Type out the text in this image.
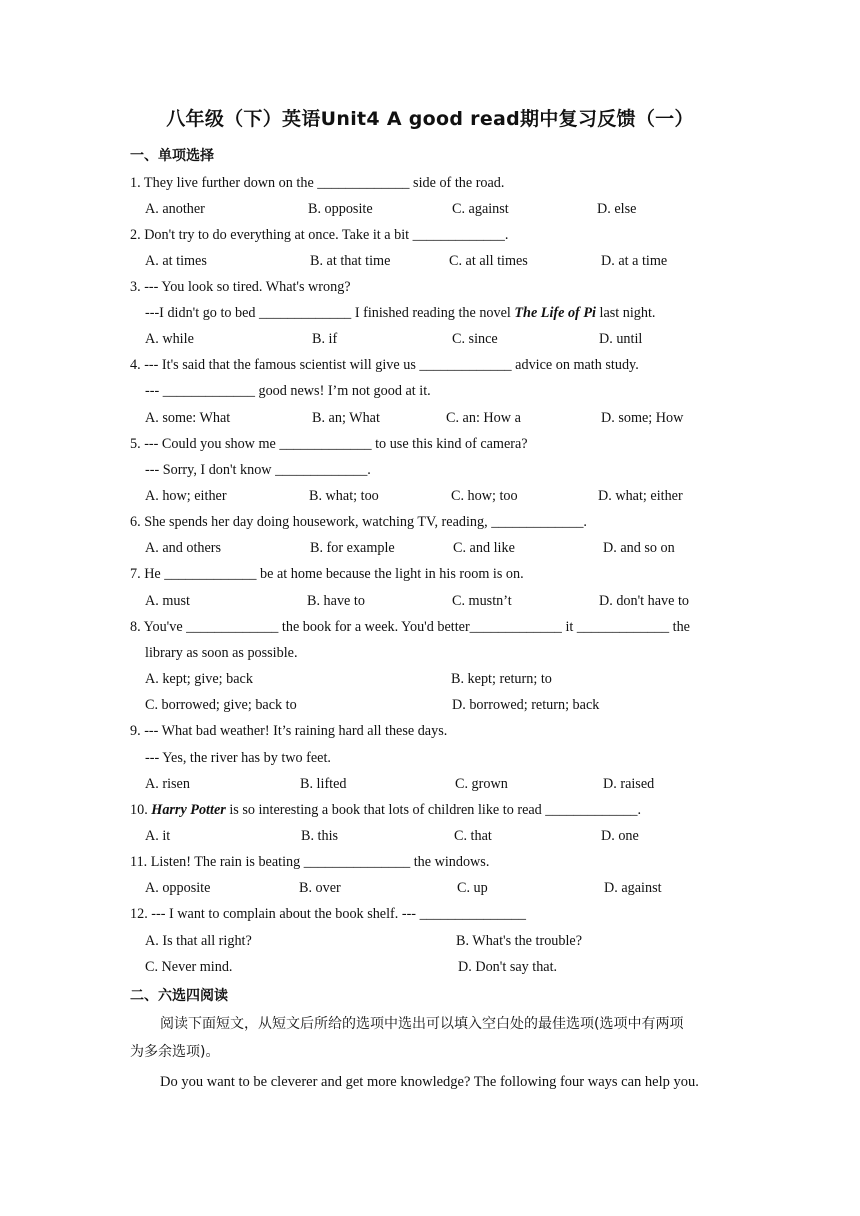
八年级（下）英语Unit4 A good read期中复习反馈（一）
一、单项选择
1. They live further down on the _____________ side of the road.
A. another	B. opposite	C. against	D. else
2. Don't try to do everything at once. Take it a bit _____________.
A. at times	B. at that time	C. at all times	D. at a time
3. --- You look so tired. What's wrong?
---I didn't go to bed _____________ I finished reading the novel The Life of Pi last night.
A. while	B. if	C. since	D. until
4. --- It's said that the famous scientist will give us _____________ advice on math study.
--- _____________ good news! I’m not good at it.
A. some: What	B. an; What	C. an: How a	D. some; How
5. --- Could you show me _____________ to use this kind of camera?
--- Sorry, I don't know _____________.
A. how; either	B. what; too	C. how; too	D. what; either
6. She spends her day doing housework, watching TV, reading, _____________.
A. and others	B. for example	C. and like	D. and so on
7. He _____________ be at home because the light in his room is on.
A. must	B. have to	C. mustn’t	D. don't have to
8. You've _____________ the book for a week. You'd better_____________ it _____________ the
library as soon as possible.
A. kept; give; back	B. kept; return; to
C. borrowed; give; back to	D. borrowed; return; back
9. --- What bad weather! It’s raining hard all these days.
--- Yes, the river has by two feet.
A. risen	B. lifted	C. grown	D. raised
10. Harry Potter is so interesting a book that lots of children like to read _____________.
A. it	B. this	C. that	D. one
11. Listen! The rain is beating _______________ the windows.
A. opposite	B. over	C. up	D. against
12. --- I want to complain about the book shelf. --- _______________
A. Is that all right?	B. What's the trouble?
C. Never mind.	D. Don't say that.
二、六选四阅读
阅读下面短文，从短文后所给的选项中选出可以填入空白处的最佳选项(选项中有两项
为多余选项)。
Do you want to be cleverer and get more knowledge? The following four ways can help you.
